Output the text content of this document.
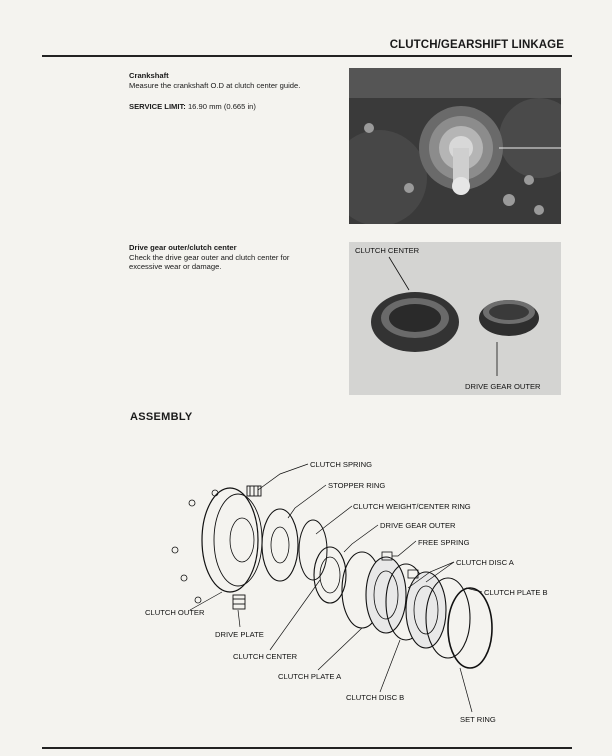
CLUTCH/GEARSHIFT LINKAGE
Crankshaft
Measure the crankshaft O.D at clutch center guide.
SERVICE LIMIT: 16.90 mm (0.665 in)
Drive gear outer/clutch center
Check the drive gear outer and clutch center for
excessive wear or damage.
CLUTCH CENTER
DRIVE GEAR OUTER
ASSEMBLY
CLUTCH SPRING
STOPPER RING
CLUTCH WEIGHT/CENTER RING
DRIVE GEAR OUTER
FREE SPRING
CLUTCH DISC A
CLUTCH PLATE B
CLUTCH OUTER
DRIVE PLATE
CLUTCH CENTER
CLUTCH PLATE A
CLUTCH DISC B
SET RING
